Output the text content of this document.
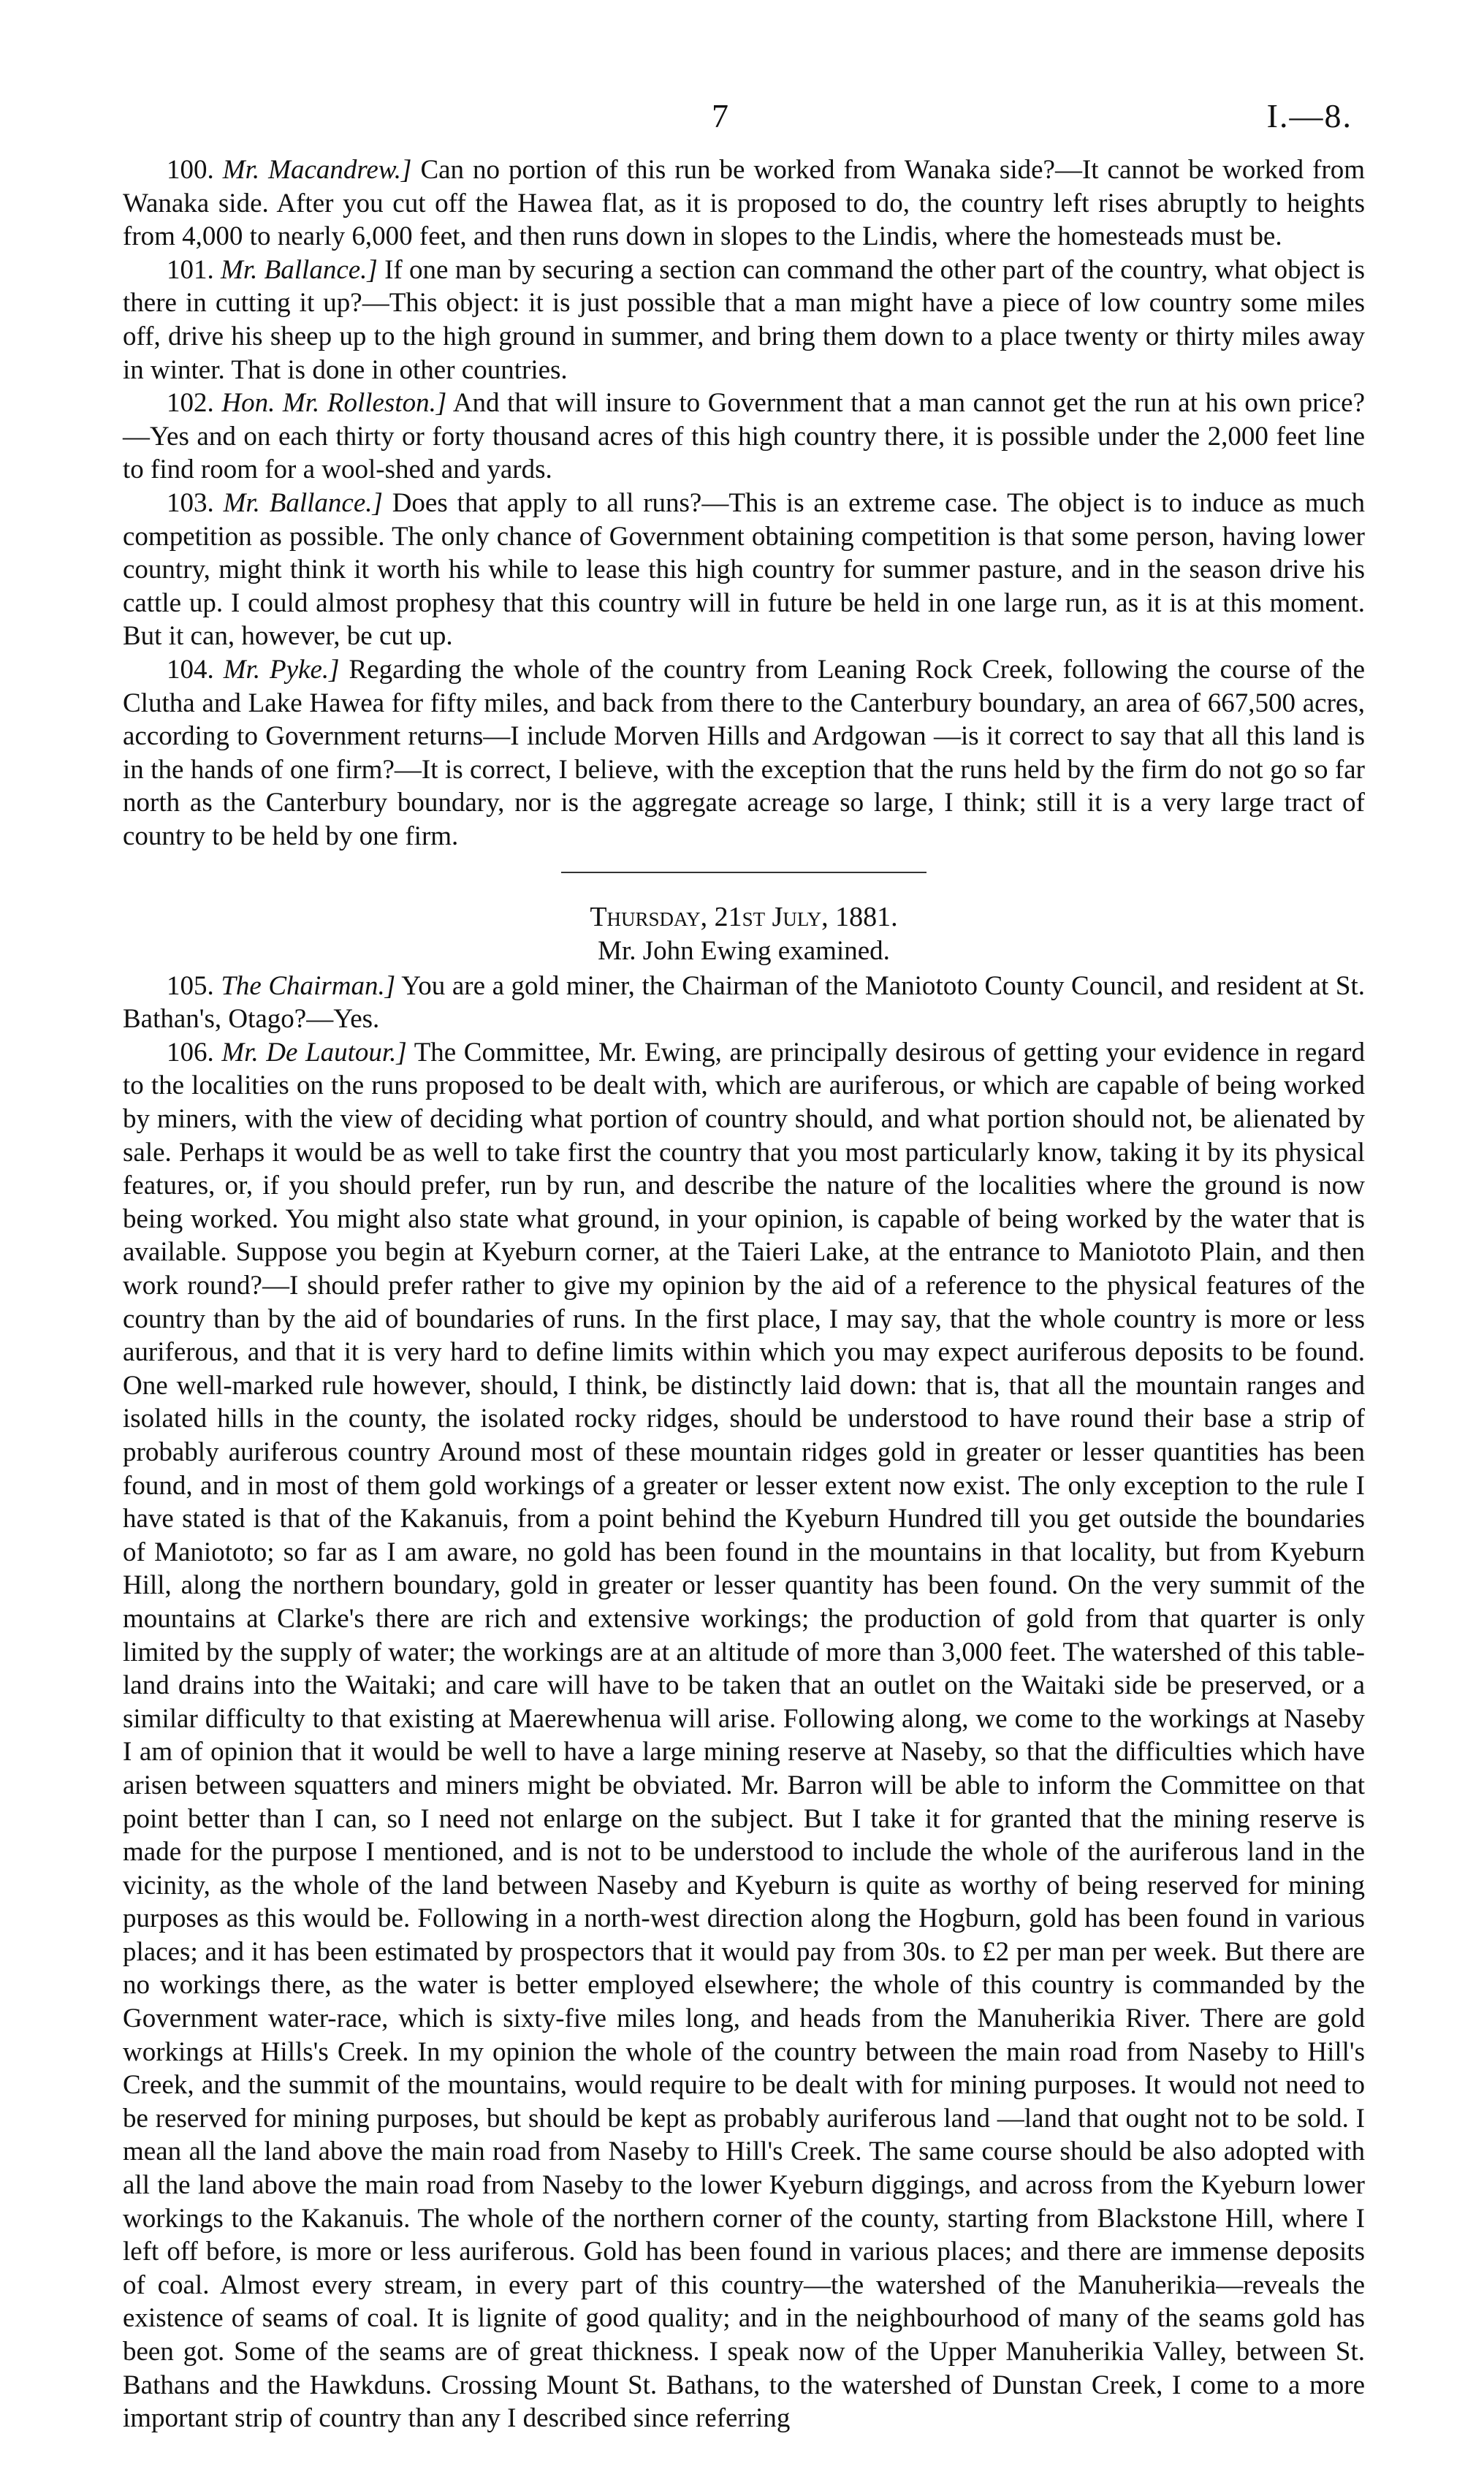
7	I.—8.

100. Mr. Macandrew.] Can no portion of this run be worked from Wanaka side?—It cannot be worked from Wanaka side. After you cut off the Hawea flat, as it is proposed to do, the country left rises abruptly to heights from 4,000 to nearly 6,000 feet, and then runs down in slopes to the Lindis, where the homesteads must be.

101. Mr. Ballance.] If one man by securing a section can command the other part of the country, what object is there in cutting it up?—This object: it is just possible that a man might have a piece of low country some miles off, drive his sheep up to the high ground in summer, and bring them down to a place twenty or thirty miles away in winter. That is done in other countries.

102. Hon. Mr. Rolleston.] And that will insure to Government that a man cannot get the run at his own price?—Yes and on each thirty or forty thousand acres of this high country there, it is possible under the 2,000 feet line to find room for a wool-shed and yards.

103. Mr. Ballance.] Does that apply to all runs?—This is an extreme case. The object is to induce as much competition as possible. The only chance of Government obtaining competition is that some person, having lower country, might think it worth his while to lease this high country for summer pasture, and in the season drive his cattle up. I could almost prophesy that this country will in future be held in one large run, as it is at this moment. But it can, however, be cut up.

104. Mr. Pyke.] Regarding the whole of the country from Leaning Rock Creek, following the course of the Clutha and Lake Hawea for fifty miles, and back from there to the Canterbury boundary, an area of 667,500 acres, according to Government returns—I include Morven Hills and Ardgowan —is it correct to say that all this land is in the hands of one firm?—It is correct, I believe, with the exception that the runs held by the firm do not go so far north as the Canterbury boundary, nor is the aggregate acreage so large, I think; still it is a very large tract of country to be held by one firm.

Thursday, 21st July, 1881.

Mr. John Ewing examined.

105. The Chairman.] You are a gold miner, the Chairman of the Maniototo County Council, and resident at St. Bathan's, Otago?—Yes.

106. Mr. De Lautour.] The Committee, Mr. Ewing, are principally desirous of getting your evidence in regard to the localities on the runs proposed to be dealt with, which are auriferous, or which are capable of being worked by miners, with the view of deciding what portion of country should, and what portion should not, be alienated by sale. Perhaps it would be as well to take first the country that you most particularly know, taking it by its physical features, or, if you should prefer, run by run, and describe the nature of the localities where the ground is now being worked. You might also state what ground, in your opinion, is capable of being worked by the water that is available. Suppose you begin at Kyeburn corner, at the Taieri Lake, at the entrance to Maniototo Plain, and then work round?—I should prefer rather to give my opinion by the aid of a reference to the physical features of the country than by the aid of boundaries of runs. In the first place, I may say, that the whole country is more or less auriferous, and that it is very hard to define limits within which you may expect auriferous deposits to be found. One well-marked rule however, should, I think, be distinctly laid down: that is, that all the mountain ranges and isolated hills in the county, the isolated rocky ridges, should be understood to have round their base a strip of probably auriferous country Around most of these mountain ridges gold in greater or lesser quantities has been found, and in most of them gold workings of a greater or lesser extent now exist. The only exception to the rule I have stated is that of the Kakanuis, from a point behind the Kyeburn Hundred till you get outside the boundaries of Maniototo; so far as I am aware, no gold has been found in the mountains in that locality, but from Kyeburn Hill, along the northern boundary, gold in greater or lesser quantity has been found. On the very summit of the mountains at Clarke's there are rich and extensive workings; the production of gold from that quarter is only limited by the supply of water; the workings are at an altitude of more than 3,000 feet. The watershed of this table-land drains into the Waitaki; and care will have to be taken that an outlet on the Waitaki side be preserved, or a similar difficulty to that existing at Maerewhenua will arise. Following along, we come to the workings at Naseby I am of opinion that it would be well to have a large mining reserve at Naseby, so that the difficulties which have arisen between squatters and miners might be obviated. Mr. Barron will be able to inform the Committee on that point better than I can, so I need not enlarge on the subject. But I take it for granted that the mining reserve is made for the purpose I mentioned, and is not to be understood to include the whole of the auriferous land in the vicinity, as the whole of the land between Naseby and Kyeburn is quite as worthy of being reserved for mining purposes as this would be. Following in a north-west direction along the Hogburn, gold has been found in various places; and it has been estimated by prospectors that it would pay from 30s. to £2 per man per week. But there are no workings there, as the water is better employed elsewhere; the whole of this country is commanded by the Government water-race, which is sixty-five miles long, and heads from the Manuherikia River. There are gold workings at Hills's Creek. In my opinion the whole of the country between the main road from Naseby to Hill's Creek, and the summit of the mountains, would require to be dealt with for mining purposes. It would not need to be reserved for mining purposes, but should be kept as probably auriferous land —land that ought not to be sold. I mean all the land above the main road from Naseby to Hill's Creek. The same course should be also adopted with all the land above the main road from Naseby to the lower Kyeburn diggings, and across from the Kyeburn lower workings to the Kakanuis. The whole of the northern corner of the county, starting from Blackstone Hill, where I left off before, is more or less auriferous. Gold has been found in various places; and there are immense deposits of coal. Almost every stream, in every part of this country—the watershed of the Manuherikia—reveals the existence of seams of coal. It is lignite of good quality; and in the neighbourhood of many of the seams gold has been got. Some of the seams are of great thickness. I speak now of the Upper Manuherikia Valley, between St. Bathans and the Hawkduns. Crossing Mount St. Bathans, to the watershed of Dunstan Creek, I come to a more important strip of country than any I described since referring
